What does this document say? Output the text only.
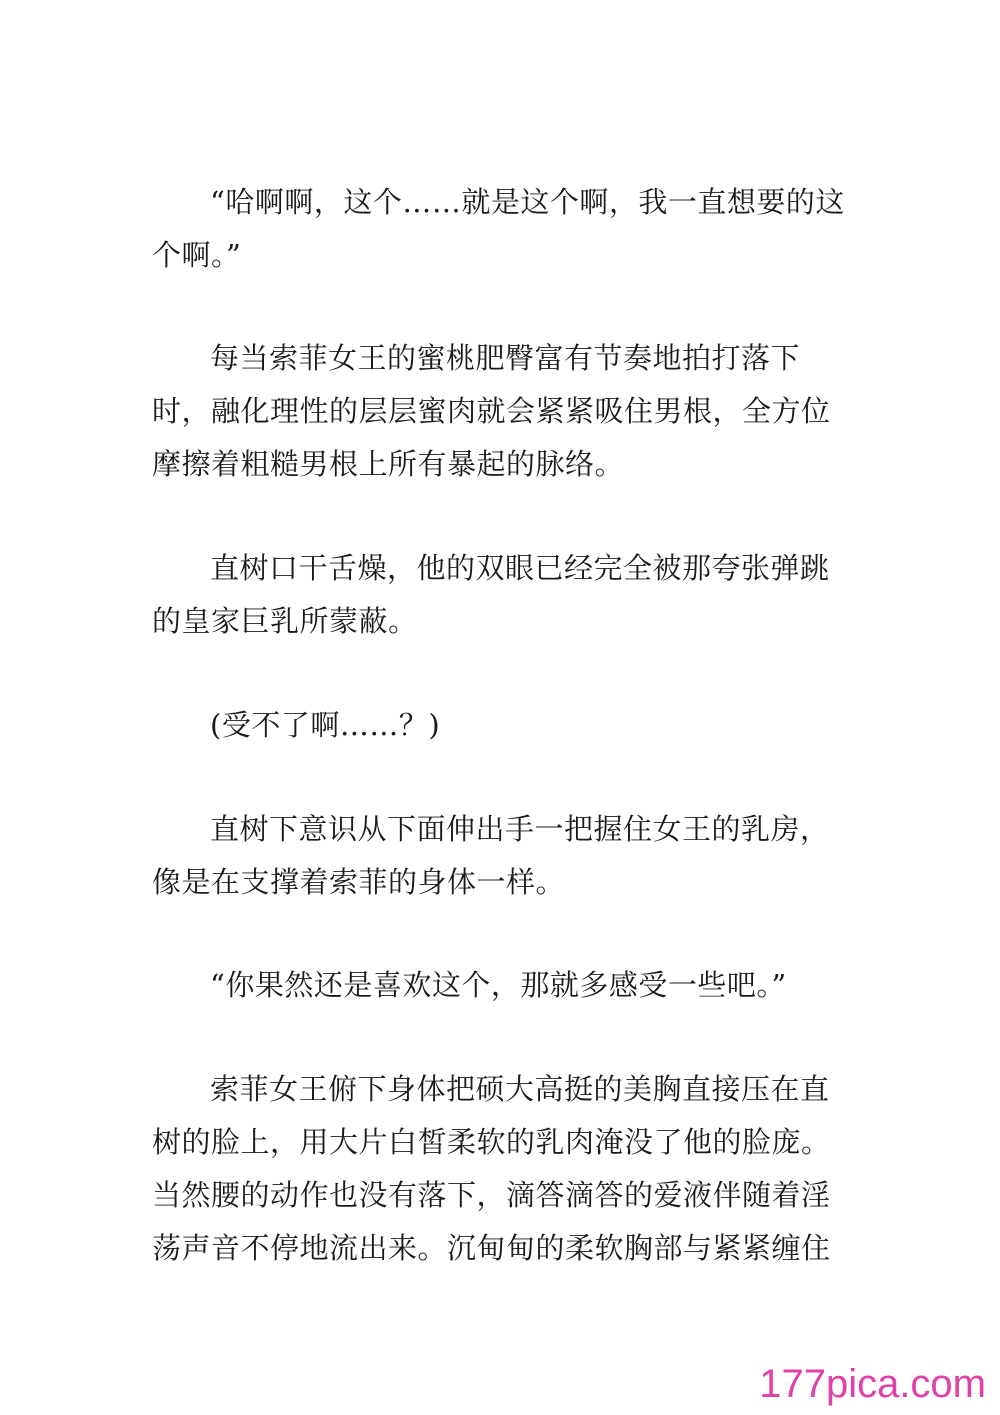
“哈啊啊，这个……就是这个啊，我一直想要的这个啊。”

每当索菲女王的蜜桃肥臀富有节奏地拍打落下时，融化理性的层层蜜肉就会紧紧吸住男根，全方位摩擦着粗糙男根上所有暴起的脉络。

直树口干舌燥，他的双眼已经完全被那夸张弹跳的皇家巨乳所蒙蔽。

(受不了啊……？)

直树下意识从下面伸出手一把握住女王的乳房，像是在支撑着索菲的身体一样。

“你果然还是喜欢这个，那就多感受一些吧。”

索菲女王俯下身体把硕大高挺的美胸直接压在直树的脸上，用大片白皙柔软的乳肉淹没了他的脸庞。当然腰的动作也没有落下，滴答滴答的爱液伴随着淫荡声音不停地流出来。沉甸甸的柔软胸部与紧紧缠住

177pica.com
